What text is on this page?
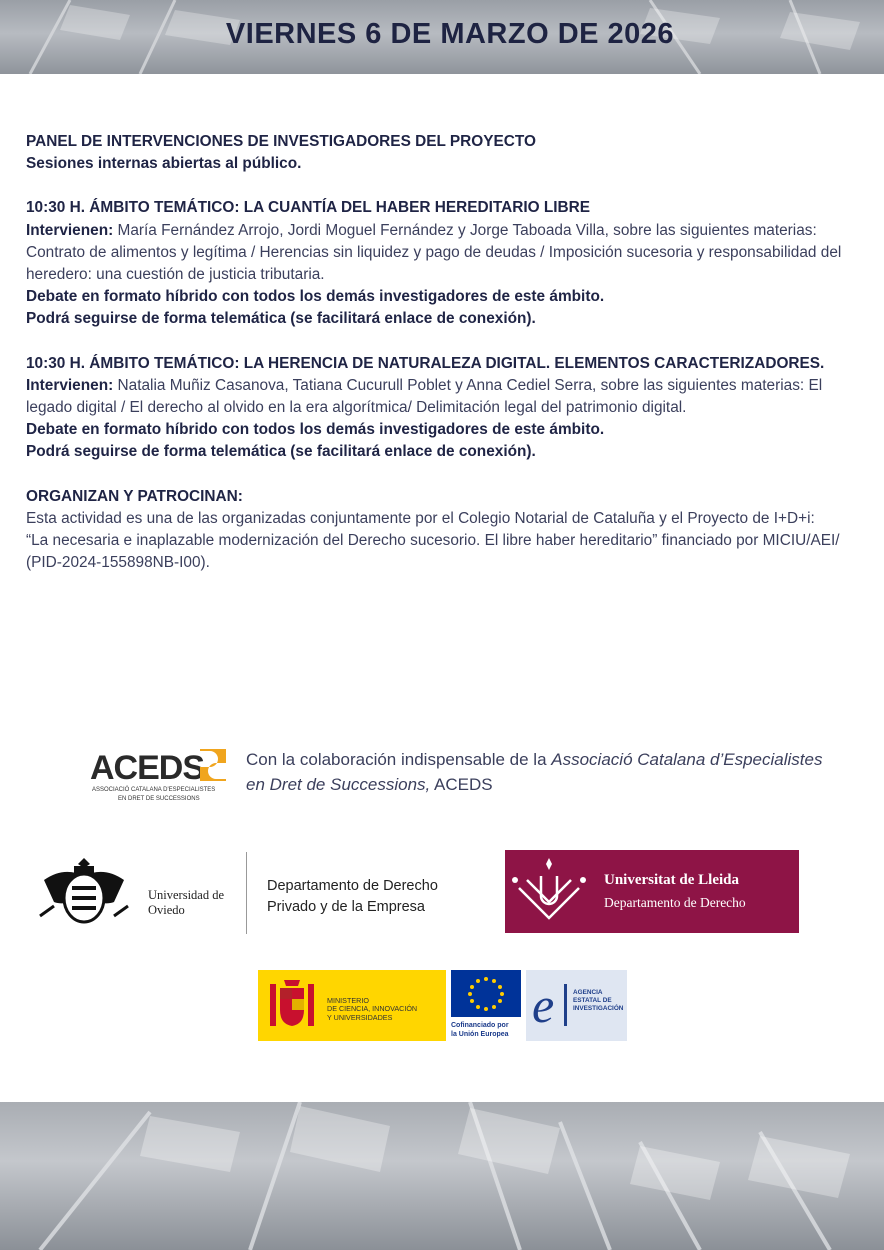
VIERNES 6 DE MARZO DE 2026

PANEL DE INTERVENCIONES DE INVESTIGADORES DEL PROYECTO

Sesiones internas abiertas al público.

10:30 H. ÁMBITO TEMÁTICO: LA CUANTÍA DEL HABER HEREDITARIO LIBRE

Intervienen: María Fernández Arrojo, Jordi Moguel Fernández y Jorge Taboada Villa, sobre las siguientes materias: Contrato de alimentos y legítima / Herencias sin liquidez y pago de deudas / Imposición sucesoria y responsabilidad del heredero: una cuestión de justicia tributaria.

Debate en formato híbrido con todos los demás investigadores de este ámbito.

Podrá seguirse de forma telemática (se facilitará enlace de conexión).

10:30 H. ÁMBITO TEMÁTICO: LA HERENCIA DE NATURALEZA DIGITAL. ELEMENTOS CARACTERIZADORES.

Intervienen: Natalia Muñiz Casanova, Tatiana Cucurull Poblet y Anna Cediel Serra, sobre las siguientes materias: El legado digital / El derecho al olvido en la era algorítmica/ Delimitación legal del patrimonio digital.

Debate en formato híbrido con todos los demás investigadores de este ámbito.

Podrá seguirse de forma telemática (se facilitará enlace de conexión).

ORGANIZAN Y PATROCINAN:

Esta actividad es una de las organizadas conjuntamente por el Colegio Notarial de Cataluña y el Proyecto de I+D+i:

“La necesaria e inaplazable modernización del Derecho sucesorio. El libre haber hereditario” financiado por MICIU/AEI/ (PID-2024-155898NB-I00).

ACEDS
ASSOCIACIÓ CATALANA D'ESPECIALISTES
EN DRET DE SUCCESSIONS
Con la colaboración indispensable de la Associació Catalana d’Especialistes en Dret de Successions, ACEDS
Universidad de
Oviedo
Departamento de Derecho
Privado y de la Empresa
Universitat de Lleida
Departamento de Derecho
MINISTERIO
DE CIENCIA, INNOVACIÓN
Y UNIVERSIDADES
Cofinanciado por
la Unión Europea
e	AGENCIA
ESTATAL DE
INVESTIGACIÓN
